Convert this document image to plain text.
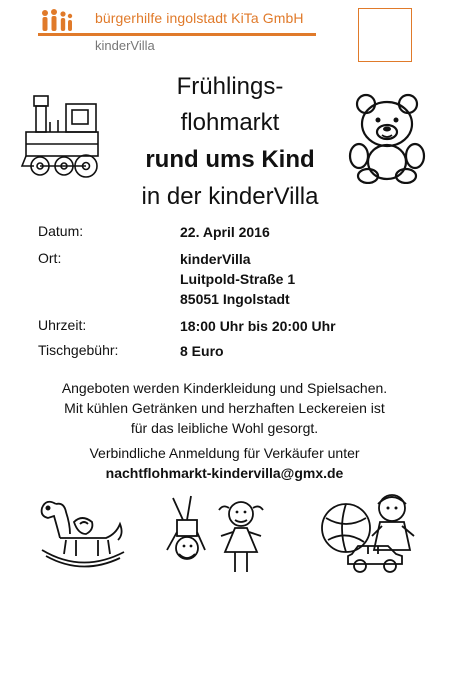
bürgerhilfe ingolstadt KiTa GmbH
kinderVilla
Frühlings-
flohmarkt
rund ums Kind
in der kinderVilla
Datum:	22. April 2016
Ort:	kinderVilla
Luitpold-Straße 1
85051 Ingolstadt
Uhrzeit:	18:00 Uhr bis 20:00 Uhr
Tischgebühr:	8 Euro
Angeboten werden Kinderkleidung und Spielsachen.
Mit kühlen Getränken und herzhaften Leckereien ist
für das leibliche Wohl gesorgt.
Verbindliche Anmeldung für Verkäufer unter
nachtflohmarkt-kindervilla@gmx.de
